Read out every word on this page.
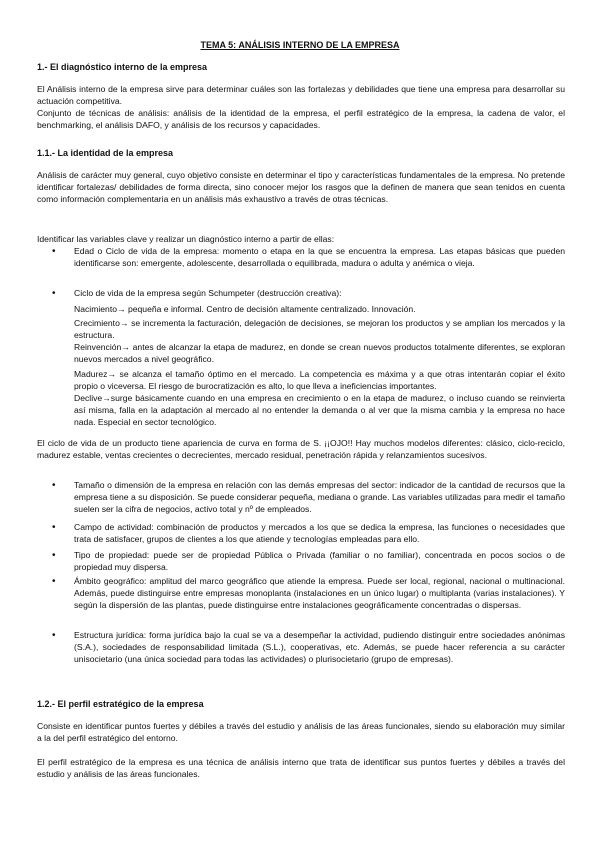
TEMA 5: ANÁLISIS INTERNO DE LA EMPRESA

1.- El diagnóstico interno de la empresa

El Análisis interno de la empresa sirve para determinar cuáles son las fortalezas y debilidades que tiene una empresa para desarrollar su actuación competitiva.

Conjunto de técnicas de análisis: análisis de la identidad de la empresa, el perfil estratégico de la empresa, la cadena de valor, el benchmarking, el análisis DAFO, y análisis de los recursos y capacidades.

1.1.- La identidad de la empresa

Análisis de carácter muy general, cuyo objetivo consiste en determinar el tipo y características fundamentales de la empresa. No pretende identificar fortalezas/ debilidades de forma directa, sino conocer mejor los rasgos que la definen de manera que sean tenidos en cuenta como información complementaria en un análisis más exhaustivo a través de otras técnicas.

Identificar las variables clave y realizar un diagnóstico interno a partir de ellas:

• Edad o Ciclo de vida de la empresa: momento o etapa en la que se encuentra la empresa. Las etapas básicas que pueden identificarse son: emergente, adolescente, desarrollada o equilibrada, madura o adulta y anémica o vieja.

• Ciclo de vida de la empresa según Schumpeter (destrucción creativa):

Nacimiento→ pequeña e informal. Centro de decisión altamente centralizado. Innovación.

Crecimiento→ se incrementa la facturación, delegación de decisiones, se mejoran los productos y se amplian los mercados y la estructura.

Reinvención→ antes de alcanzar la etapa de madurez, en donde se crean nuevos productos totalmente diferentes, se exploran nuevos mercados a nivel geográfico.

Madurez→ se alcanza el tamaño óptimo en el mercado. La competencia es máxima y a que otras intentarán copiar el éxito propio o viceversa. El riesgo de burocratización es alto, lo que lleva a ineficiencias importantes.

Declive→surge básicamente cuando en una empresa en crecimiento o en la etapa de madurez, o incluso cuando se reinvierta así misma, falla en la adaptación al mercado al no entender la demanda o al ver que la misma cambia y la empresa no hace nada. Especial en sector tecnológico.

El ciclo de vida de un producto tiene apariencia de curva en forma de S. ¡¡OJO!! Hay muchos modelos diferentes: clásico, ciclo-reciclo, madurez estable, ventas crecientes o decrecientes, mercado residual, penetración rápida y relanzamientos sucesivos.

• Tamaño o dimensión de la empresa en relación con las demás empresas del sector: indicador de la cantidad de recursos que la empresa tiene a su disposición. Se puede considerar pequeña, mediana o grande. Las variables utilizadas para medir el tamaño suelen ser la cifra de negocios, activo total y nº de empleados.

• Campo de actividad: combinación de productos y mercados a los que se dedica la empresa, las funciones o necesidades que trata de satisfacer, grupos de clientes a los que atiende y tecnologías empleadas para ello.

• Tipo de propiedad: puede ser de propiedad Pública o Privada (familiar o no familiar), concentrada en pocos socios o de propiedad muy dispersa.

• Ámbito geográfico: amplitud del marco geográfico que atiende la empresa. Puede ser local, regional, nacional o multinacional. Además, puede distinguirse entre empresas monoplanta (instalaciones en un único lugar) o multiplanta (varias instalaciones). Y según la dispersión de las plantas, puede distinguirse entre instalaciones geográficamente concentradas o dispersas.

• Estructura jurídica: forma jurídica bajo la cual se va a desempeñar la actividad, pudiendo distinguir entre sociedades anónimas (S.A.), sociedades de responsabilidad limitada (S.L.), cooperativas, etc. Además, se puede hacer referencia a su carácter unisocietario (una única sociedad para todas las actividades) o plurisocietario (grupo de empresas).

1.2.- El perfil estratégico de la empresa

Consiste en identificar puntos fuertes y débiles a través del estudio y análisis de las áreas funcionales, siendo su elaboración muy similar a la del perfil estratégico del entorno.

El perfil estratégico de la empresa es una técnica de análisis interno que trata de identificar sus puntos fuertes y débiles a través del estudio y análisis de las áreas funcionales.
